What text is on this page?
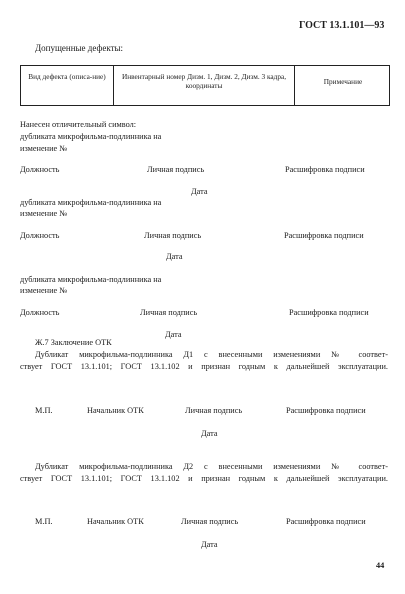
ГОСТ 13.1.101—93
Допущенные дефекты:
Вид дефекта (описа-ние)	Инвентарный номер Дизм. 1, Дизм. 2, Дизм. 3 кадра, координаты	Примечание
Нанесен отличительный символ:
дубликата микрофильма-подлинника на
изменение №
Должность	Личная подпись	Расшифровка подписи
Дата
дубликата микрофильма-подлинника на
изменение №
Должность	Личная подпись	Расшифровка подписи
Дата
дубликата микрофильма-подлинника на
изменение №
Должность	Личная подпись	Расшифровка подписи
Дата
Ж.7 Заключение ОТК
Дубликат микрофильма-подлинника Д1 с внесенными изменениями № соответ-
ствует ГОСТ 13.1.101; ГОСТ 13.1.102 и признан годным к дальнейшей эксплуатации.
М.П.	Начальник ОТК	Личная подпись	Расшифровка подписи
Дата
Дубликат микрофильма-подлинника Д2 с внесенными изменениями № соответ-
ствует ГОСТ 13.1.101; ГОСТ 13.1.102 и признан годным к дальнейшей эксплуатации.
М.П.	Начальник ОТК	Личная подпись	Расшифровка подписи
Дата
44
